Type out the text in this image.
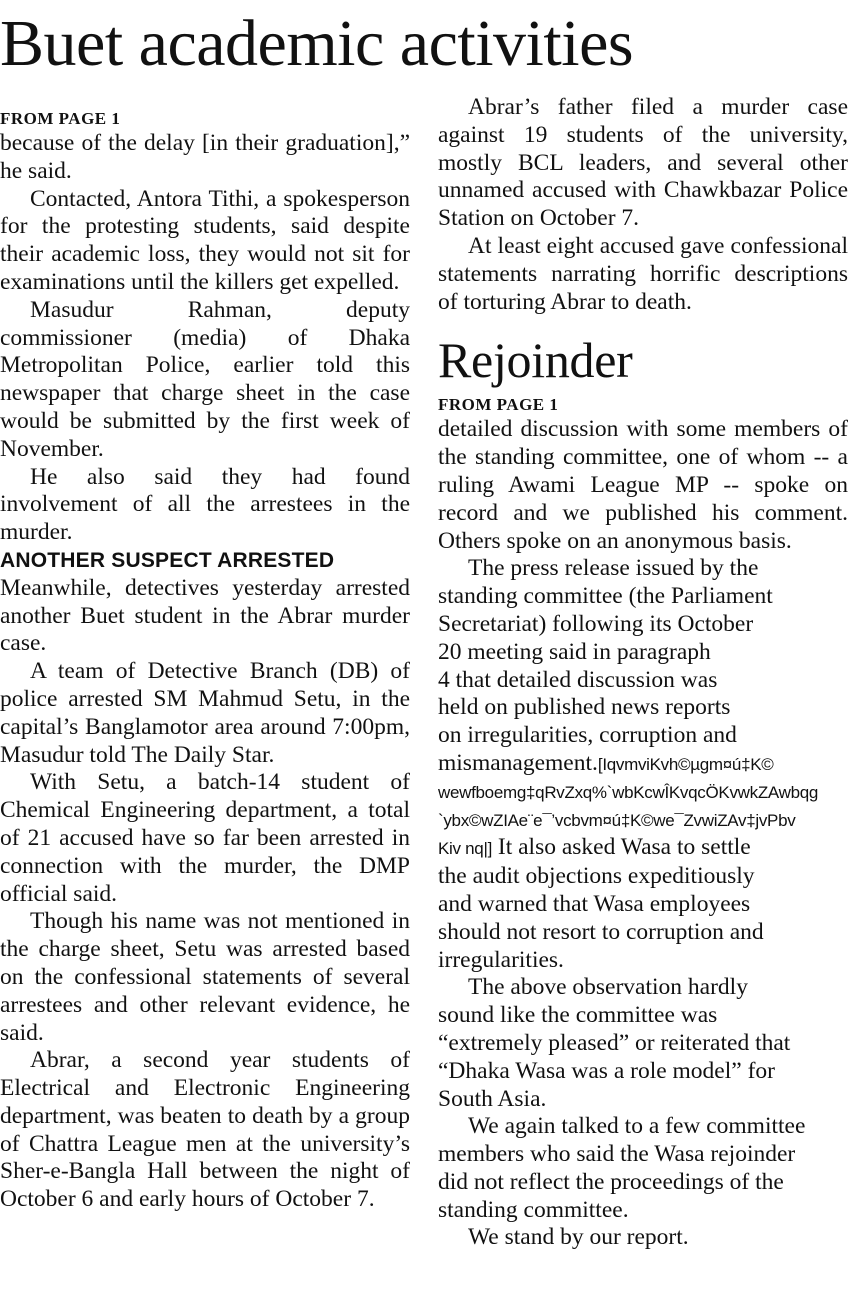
Buet academic activities
FROM PAGE 1

because of the delay [in their graduation],” he said.

Contacted, Antora Tithi, a spokesperson for the protesting students, said despite their academic loss, they would not sit for examinations until the killers get expelled.

Masudur Rahman, deputy commissioner (media) of Dhaka Metropolitan Police, earlier told this newspaper that charge sheet in the case would be submitted by the first week of November.

He also said they had found involvement of all the arrestees in the murder.

ANOTHER SUSPECT ARRESTED

Meanwhile, detectives yesterday arrested another Buet student in the Abrar murder case.

A team of Detective Branch (DB) of police arrested SM Mahmud Setu, in the capital’s Banglamotor area around 7:00pm, Masudur told The Daily Star.

With Setu, a batch-14 student of Chemical Engineering department, a total of 21 accused have so far been arrested in connection with the murder, the DMP official said.

Though his name was not mentioned in the charge sheet, Setu was arrested based on the confessional statements of several arrestees and other relevant evidence, he said.

Abrar, a second year students of Electrical and Electronic Engineering department, was beaten to death by a group of Chattra League men at the university’s Sher-e-Bangla Hall between the night of October 6 and early hours of October 7.

Abrar’s father filed a murder case against 19 students of the university, mostly BCL leaders, and several other unnamed accused with Chawkbazar Police Station on October 7.

At least eight accused gave confessional statements narrating horrific descriptions of torturing Abrar to death.

Rejoinder
FROM PAGE 1

detailed discussion with some members of the standing committee, one of whom -- a ruling Awami League MP -- spoke on record and we published his comment. Others spoke on an anonymous basis.

The press release issued by the
standing committee (the Parliament
Secretariat) following its October
20 meeting said in paragraph
4 that detailed discussion was
held on published news reports
on irregularities, corruption and
mismanagement.[IqvmviKvh©µgm¤ú‡K©
wewfboemg‡qRvZxq%`wbKcwÎKvqcÖKvwkZAwbqg
`ybx©wZIAe¨e¯’vcbvm¤ú‡K©we¯ZvwiZAv‡jvPbv
Kiv nq|] It also asked Wasa to settle
the audit objections expeditiously
and warned that Wasa employees
should not resort to corruption and
irregularities.
The above observation hardly
sound like the committee was
“extremely pleased” or reiterated that
“Dhaka Wasa was a role model” for
South Asia.
We again talked to a few committee
members who said the Wasa rejoinder
did not reflect the proceedings of the
standing committee.
We stand by our report.
